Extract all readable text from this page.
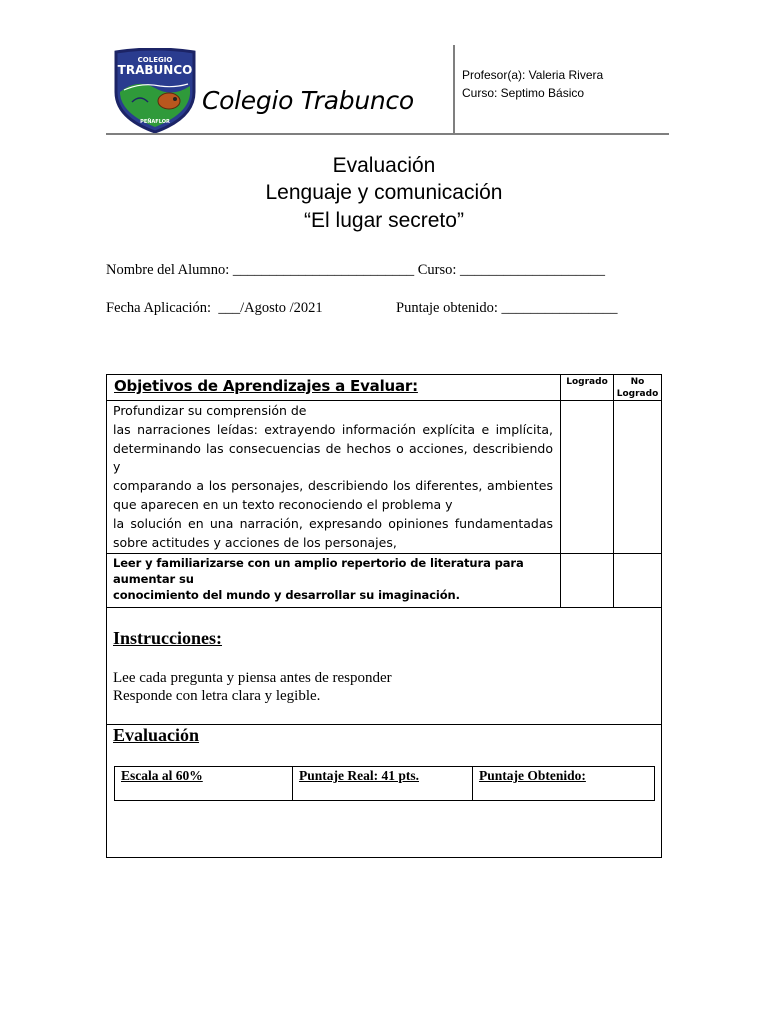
COLEGIO
TRABUNCO
PEÑAFLOR
Colegio Trabunco
Profesor(a): Valeria Rivera
Curso: Septimo Básico
Evaluación
Lenguaje y comunicación
“El lugar secreto”
Nombre del Alumno: _________________________ Curso: ____________________
Fecha Aplicación:  ___/Agosto /2021	Puntaje obtenido: ________________
Objetivos de Aprendizajes a Evaluar:	Logrado	No
Logrado
Profundizar su comprensión de
las narraciones leídas: extrayendo información explícita e implícita,
determinando las consecuencias de hechos o acciones, describiendo y
comparando a los personajes, describiendo los diferentes, ambientes
que aparecen en un texto reconociendo el problema y
la solución en una narración, expresando opiniones fundamentadas
sobre actitudes y acciones de los personajes,
Leer y familiarizarse con un amplio repertorio de literatura para aumentar su
conocimiento del mundo y desarrollar su imaginación.
Instrucciones:
Lee cada pregunta y piensa antes de responder
Responde con letra clara y legible.
Evaluación
Escala al 60%	Puntaje Real: 41 pts.	Puntaje Obtenido:
